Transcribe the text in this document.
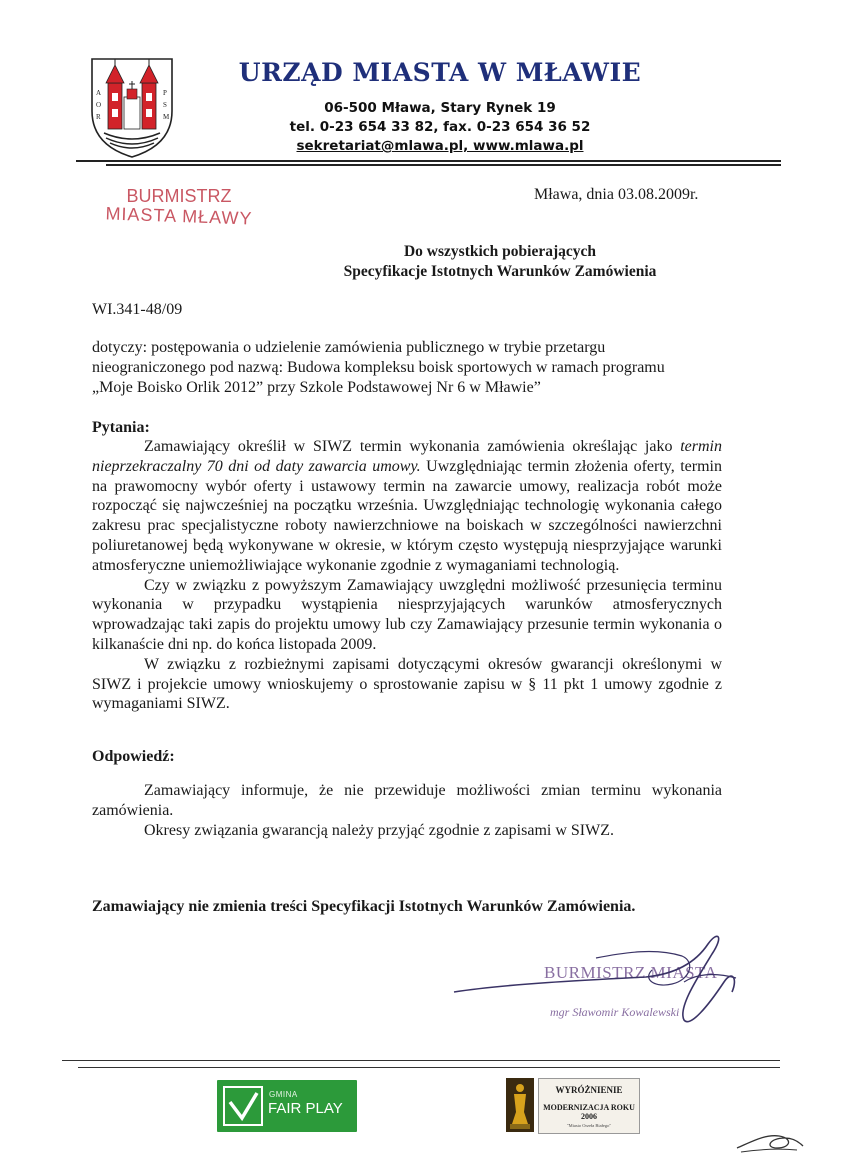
A
O
R
P
S
M
URZĄD MIASTA W MŁAWIE
06-500 Mława, Stary Rynek 19
tel. 0-23 654 33 82, fax. 0-23 654 36 52
sekretariat@mlawa.pl, www.mlawa.pl
BURMISTRZ
MIASTA MŁAWY
Mława, dnia 03.08.2009r.
Do wszystkich pobierających
Specyfikacje Istotnych Warunków Zamówienia
WI.341-48/09

dotyczy: postępowania o udzielenie zamówienia publicznego w trybie przetargu

nieograniczonego pod nazwą: Budowa kompleksu boisk sportowych w ramach programu

„Moje Boisko Orlik 2012” przy Szkole Podstawowej Nr 6 w Mławie”

Pytania:

Zamawiający określił w SIWZ termin wykonania zamówienia określając jako termin nieprzekraczalny 70 dni od daty zawarcia umowy. Uwzględniając termin złożenia oferty, termin na prawomocny wybór oferty i ustawowy termin na zawarcie umowy, realizacja robót może rozpocząć się najwcześniej na początku września. Uwzględniając technologię wykonania całego zakresu prac specjalistyczne roboty nawierzchniowe na boiskach w szczególności nawierzchni poliuretanowej będą wykonywane w okresie, w którym często występują niesprzyjające warunki atmosferyczne uniemożliwiające wykonanie zgodnie z wymaganiami technologią.

Czy w związku z powyższym Zamawiający uwzględni możliwość przesunięcia terminu wykonania w przypadku wystąpienia niesprzyjających warunków atmosferycznych wprowadzając taki zapis do projektu umowy lub czy Zamawiający przesunie termin wykonania o kilkanaście dni np. do końca listopada 2009.

W związku z rozbieżnymi zapisami dotyczącymi okresów gwarancji określonymi w SIWZ i projekcie umowy wnioskujemy o sprostowanie zapisu w § 11 pkt 1 umowy zgodnie z wymaganiami SIWZ.

Odpowiedź:

Zamawiający informuje, że nie przewiduje możliwości zmian terminu wykonania zamówienia.

Okresy związania gwarancją należy przyjąć zgodnie z zapisami w SIWZ.

Zamawiający nie zmienia treści Specyfikacji Istotnych Warunków Zamówienia.
BURMISTRZ MIASTA
mgr Sławomir Kowalewski
GMINA
FAIR PLAY
WYRÓŻNIENIE
MODERNIZACJA ROKU 2006
"Miasto Orzeła Białego"
